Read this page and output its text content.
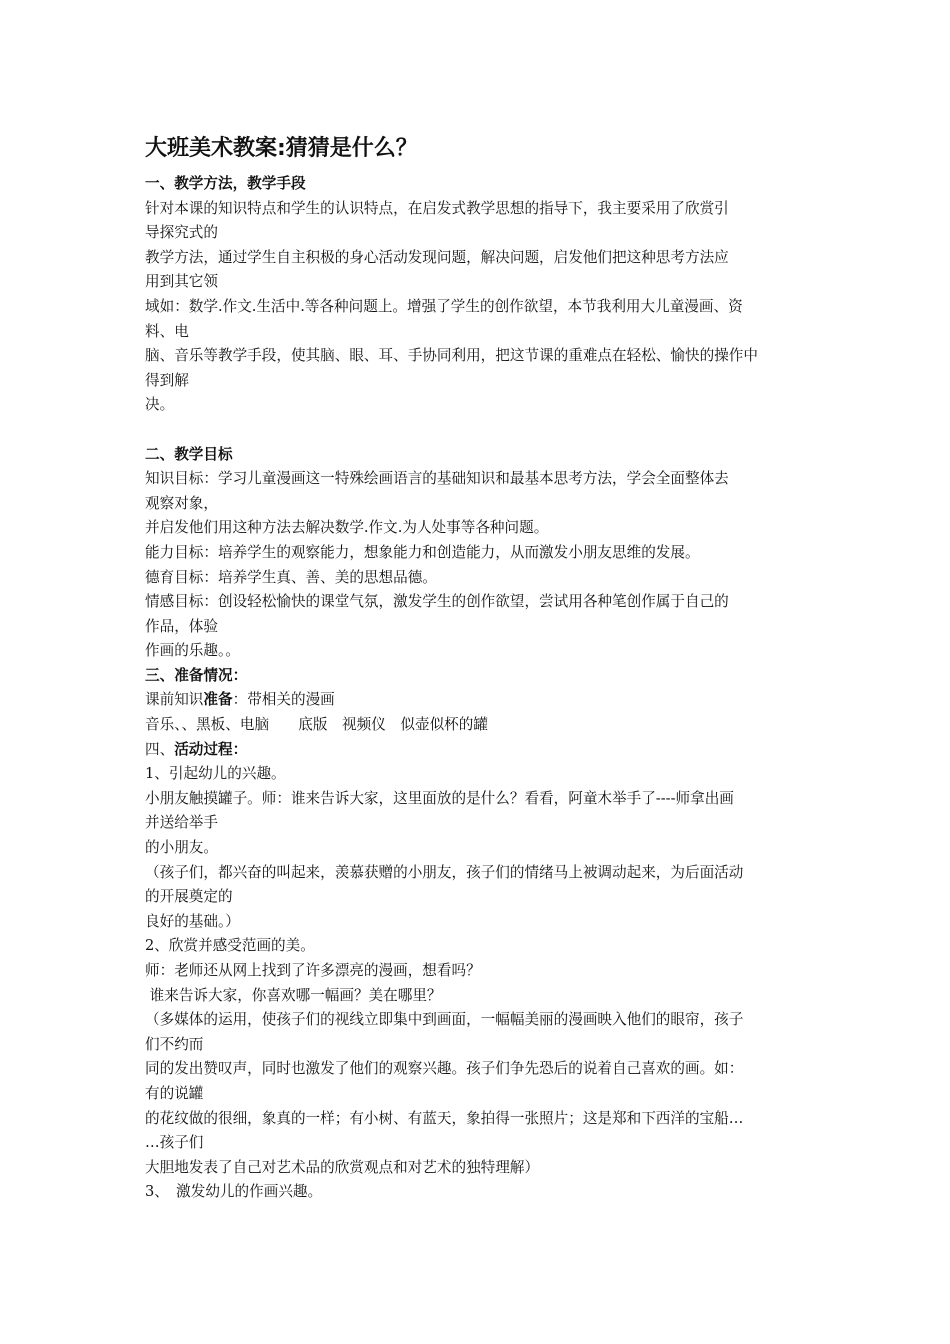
大班美术教案:猜猜是什么？
一、教学方法，教学手段
针对本课的知识特点和学生的认识特点，在启发式教学思想的指导下，我主要采用了欣赏引
导探究式的
教学方法，通过学生自主积极的身心活动发现问题，解决问题，启发他们把这种思考方法应
用到其它领
域如：数学.作文.生活中.等各种问题上。增强了学生的创作欲望，本节我利用大儿童漫画、资
料、电
脑、音乐等教学手段，使其脑、眼、耳、手协同利用，把这节课的重难点在轻松、愉快的操作中
得到解
决。
二、教学目标
知识目标：学习儿童漫画这一特殊绘画语言的基础知识和最基本思考方法，学会全面整体去
观察对象，
并启发他们用这种方法去解决数学.作文.为人处事等各种问题。
能力目标：培养学生的观察能力，想象能力和创造能力，从而激发小朋友思维的发展。
德育目标：培养学生真、善、美的思想品德。
情感目标：创设轻松愉快的课堂气氛，激发学生的创作欲望，尝试用各种笔创作属于自己的
作品，体验
作画的乐趣。。
三、准备情况：
课前知识准备：带相关的漫画
音乐、、黑板、电脑　　底版　视频仪　似壶似杯的罐
四、活动过程：
1、引起幼儿的兴趣。
小朋友触摸罐子。师：谁来告诉大家，这里面放的是什么？看看，阿童木举手了----师拿出画
并送给举手
的小朋友。
（孩子们，都兴奋的叫起来，羡慕获赠的小朋友，孩子们的情绪马上被调动起来，为后面活动
的开展奠定的
良好的基础。）
2、欣赏并感受范画的美。
师：老师还从网上找到了许多漂亮的漫画，想看吗？
谁来告诉大家，你喜欢哪一幅画？美在哪里？
（多媒体的运用，使孩子们的视线立即集中到画面，一幅幅美丽的漫画映入他们的眼帘，孩子
们不约而
同的发出赞叹声，同时也激发了他们的观察兴趣。孩子们争先恐后的说着自己喜欢的画。如：
有的说罐
的花纹做的很细，象真的一样；有小树、有蓝天，象拍得一张照片；这是郑和下西洋的宝船…
…孩子们
大胆地发表了自己对艺术品的欣赏观点和对艺术的独特理解）
3、　激发幼儿的作画兴趣。
